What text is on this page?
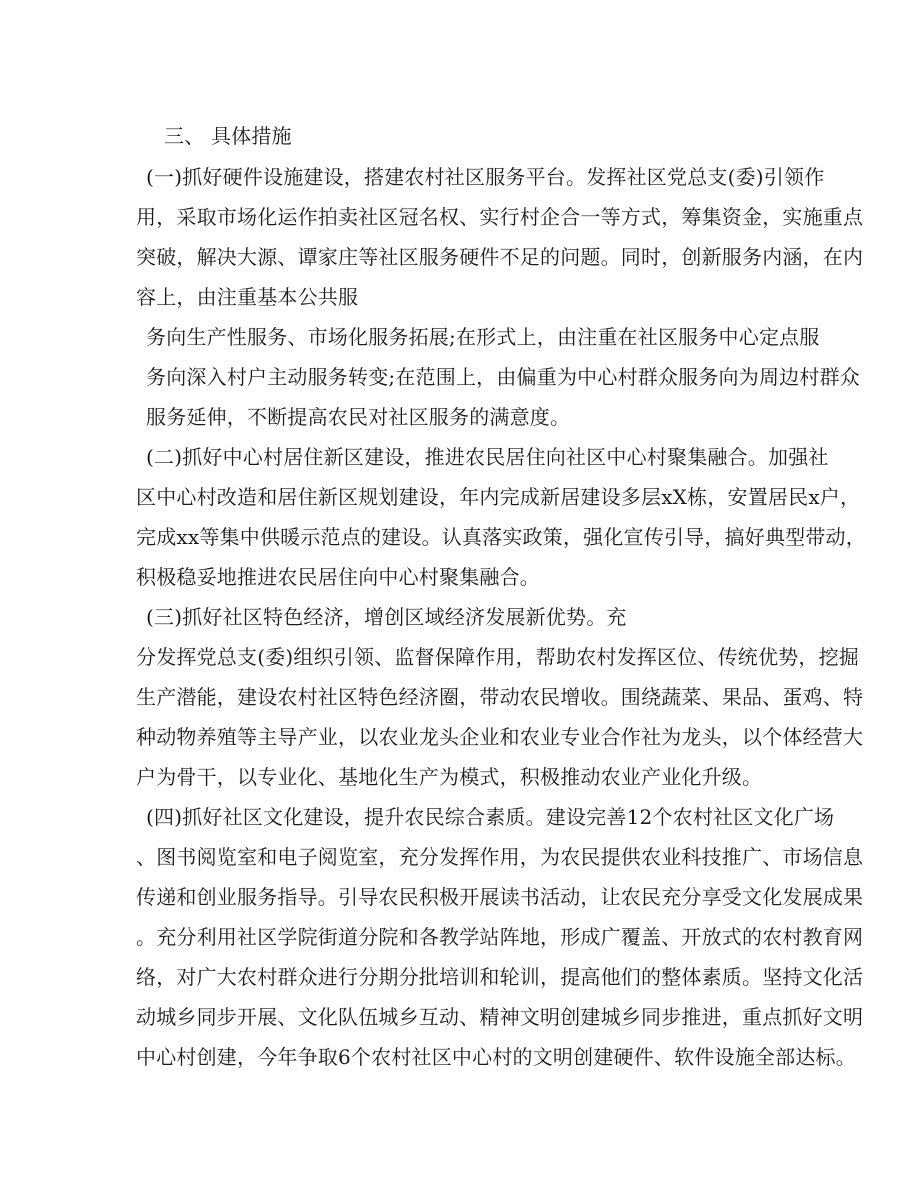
三、 具体措施
(一)抓好硬件设施建设，搭建农村社区服务平台。发挥社区党总支(委)引领作
用，采取市场化运作拍卖社区冠名权、实行村企合一等方式，筹集资金，实施重点
突破，解决大源、谭家庄等社区服务硬件不足的问题。同时，创新服务内涵，在内
容上，由注重基本公共服
务向生产性服务、市场化服务拓展;在形式上，由注重在社区服务中心定点服
务向深入村户主动服务转变;在范围上，由偏重为中心村群众服务向为周边村群众
服务延伸，不断提高农民对社区服务的满意度。
(二)抓好中心村居住新区建设，推进农民居住向社区中心村聚集融合。加强社
区中心村改造和居住新区规划建设，年内完成新居建设多层xX栋，安置居民x户，
完成xx等集中供暖示范点的建设。认真落实政策，强化宣传引导，搞好典型带动，
积极稳妥地推进农民居住向中心村聚集融合。
(三)抓好社区特色经济，增创区域经济发展新优势。充
分发挥党总支(委)组织引领、监督保障作用，帮助农村发挥区位、传统优势，挖掘
生产潜能，建设农村社区特色经济圈，带动农民增收。围绕蔬菜、果品、蛋鸡、特
种动物养殖等主导产业，以农业龙头企业和农业专业合作社为龙头，以个体经营大
户为骨干，以专业化、基地化生产为模式，积极推动农业产业化升级。
(四)抓好社区文化建设，提升农民综合素质。建设完善12个农村社区文化广场
、图书阅览室和电子阅览室，充分发挥作用，为农民提供农业科技推广、市场信息
传递和创业服务指导。引导农民积极开展读书活动，让农民充分享受文化发展成果
。充分利用社区学院街道分院和各教学站阵地，形成广覆盖、开放式的农村教育网
络，对广大农村群众进行分期分批培训和轮训，提高他们的整体素质。坚持文化活
动城乡同步开展、文化队伍城乡互动、精神文明创建城乡同步推进，重点抓好文明
中心村创建，今年争取6个农村社区中心村的文明创建硬件、软件设施全部达标。
